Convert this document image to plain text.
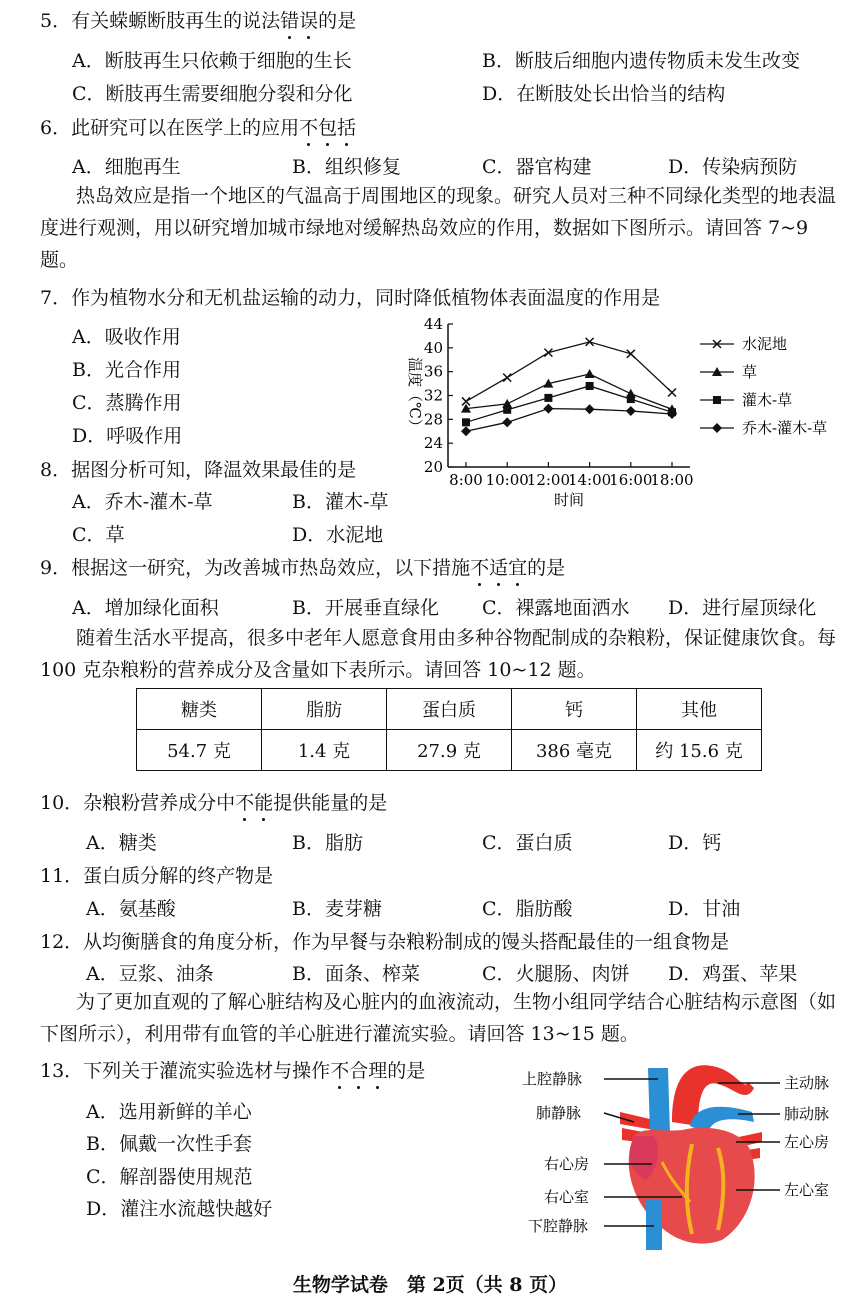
5．有关蝾螈断肢再生的说法错误的是
A．断肢再生只依赖于细胞的生长	B．断肢后细胞内遗传物质未发生改变
C．断肢再生需要细胞分裂和分化	D．在断肢处长出恰当的结构
6．此研究可以在医学上的应用不包括
A．细胞再生	B．组织修复	C．器官构建	D．传染病预防
热岛效应是指一个地区的气温高于周围地区的现象。研究人员对三种不同绿化类型的地表温度进行观测，用以研究增加城市绿地对缓解热岛效应的作用，数据如下图所示。请回答 7~9 题。
7．作为植物水分和无机盐运输的动力，同时降低植物体表面温度的作用是
A．吸收作用
B．光合作用
C．蒸腾作用
D．呼吸作用
8．据图分析可知，降温效果最佳的是
A．乔木-灌木-草	B．灌木-草
C．草	D．水泥地
20
24
28
32
36
40
44
8:00 10:00
12:00
14:00
16:00
18:00
时间
温度（℃）
水泥地
草
灌木-草
乔木-灌木-草
9．根据这一研究，为改善城市热岛效应，以下措施不适宜的是
A．增加绿化面积	B．开展垂直绿化 C．裸露地面洒水 D．进行屋顶绿化
随着生活水平提高，很多中老年人愿意食用由多种谷物配制成的杂粮粉，保证健康饮食。每 100 克杂粮粉的营养成分及含量如下表所示。请回答 10~12 题。
糖类	脂肪	蛋白质	钙	其他
54.7 克	1.4 克	27.9 克	386 毫克	约 15.6 克
10．杂粮粉营养成分中不能提供能量的是
A．糖类	B．脂肪	C．蛋白质	D．钙
11．蛋白质分解的终产物是
A．氨基酸	B．麦芽糖	C．脂肪酸	D．甘油
12．从均衡膳食的角度分析，作为早餐与杂粮粉制成的馒头搭配最佳的一组食物是
A．豆浆、油条	B．面条、榨菜	C．火腿肠、肉饼 D．鸡蛋、苹果
为了更加直观的了解心脏结构及心脏内的血液流动，生物小组同学结合心脏结构示意图（如下图所示），利用带有血管的羊心脏进行灌流实验。请回答 13~15 题。
13．下列关于灌流实验选材与操作不合理的是
A．选用新鲜的羊心
B．佩戴一次性手套
C．解剖器使用规范
D．灌注水流越快越好
上腔静脉
肺静脉
右心房
右心室
下腔静脉
主动脉
肺动脉
左心房
左心室
生物学试卷　第 2页（共 8 页）
